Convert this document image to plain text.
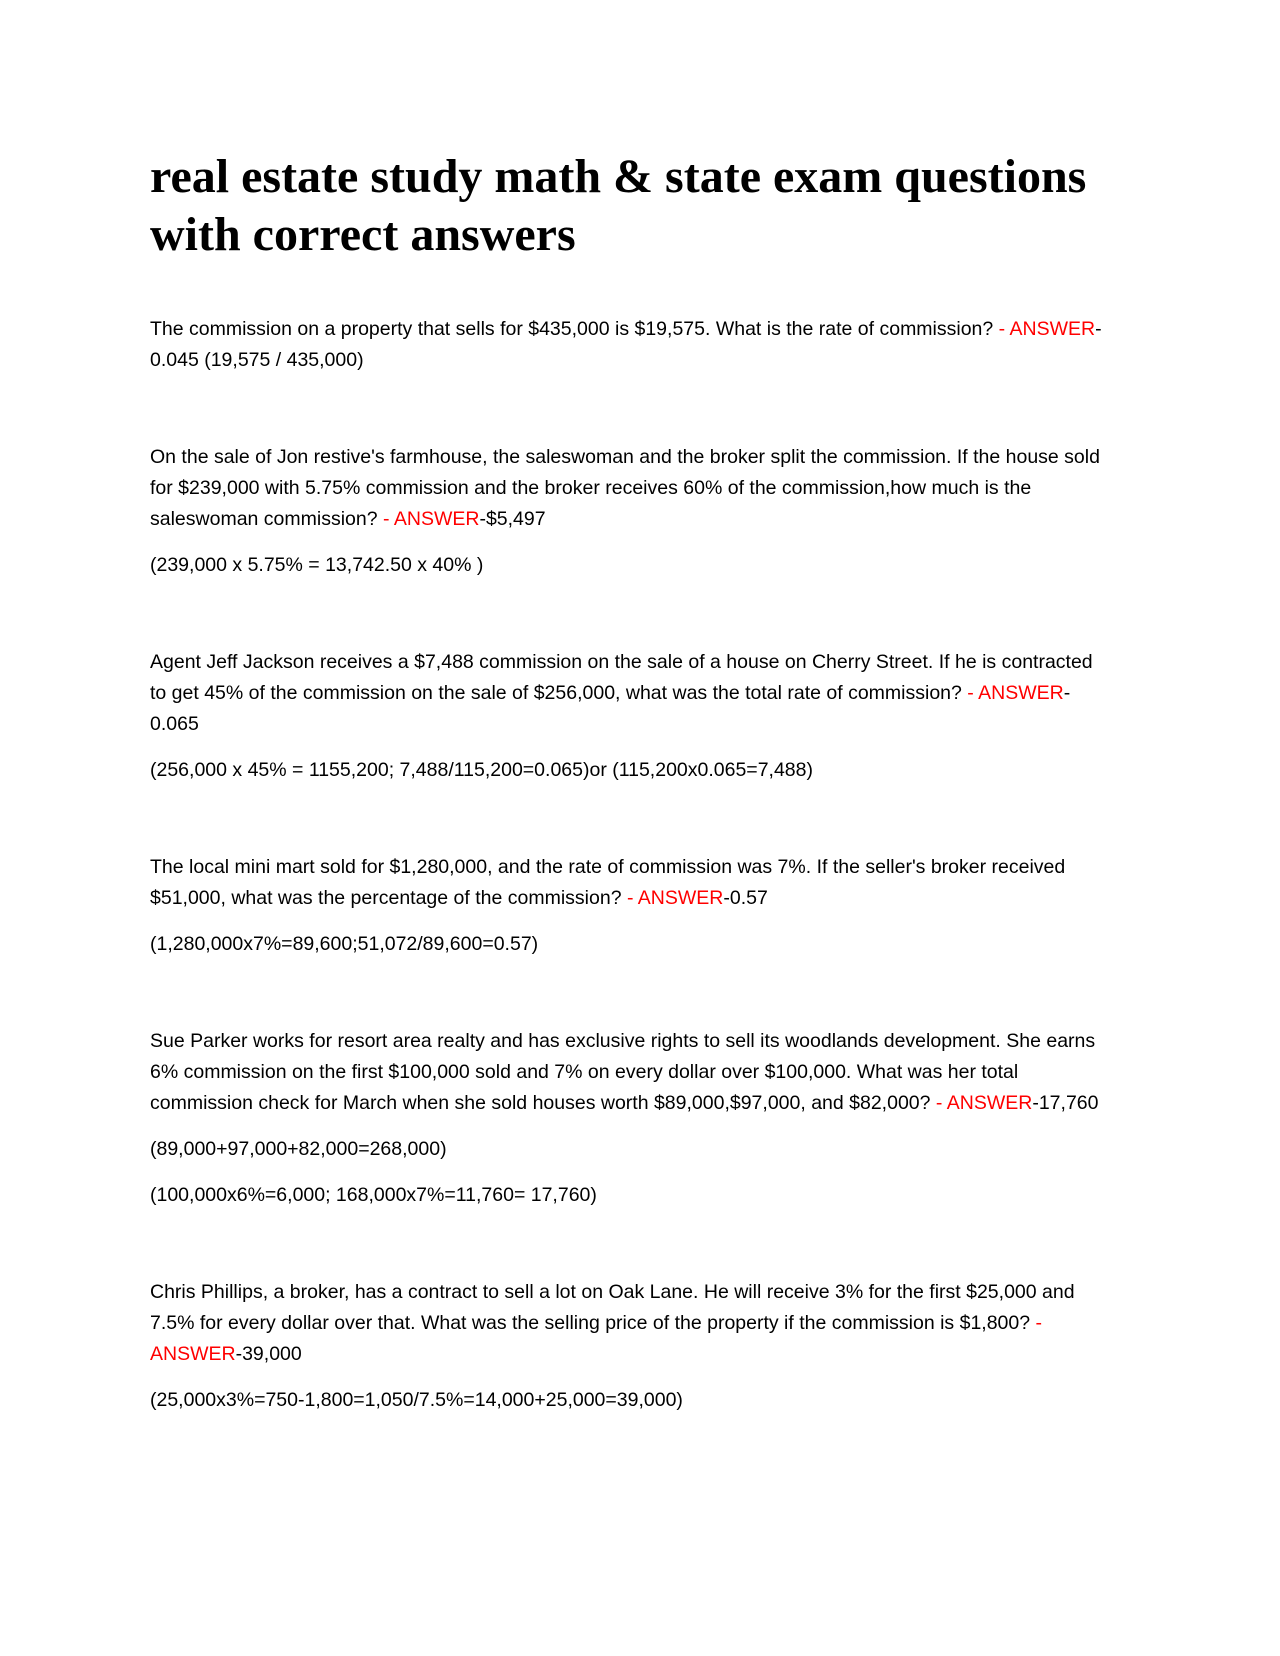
real estate study math & state exam questions with correct answers

The commission on a property that sells for $435,000 is $19,575. What is the rate of commission? - ANSWER-0.045 (19,575 / 435,000)

On the sale of Jon restive's farmhouse, the saleswoman and the broker split the commission. If the house sold for $239,000 with 5.75% commission and the broker receives 60% of the commission,how much is the saleswoman commission? - ANSWER-$5,497

(239,000 x 5.75% = 13,742.50 x 40% )

Agent Jeff Jackson receives a $7,488 commission on the sale of a house on Cherry Street. If he is contracted to get 45% of the commission on the sale of $256,000, what was the total rate of commission? - ANSWER-0.065

(256,000 x 45% = 1155,200; 7,488/115,200=0.065)or (115,200x0.065=7,488)

The local mini mart sold for $1,280,000, and the rate of commission was 7%. If the seller's broker received $51,000, what was the percentage of the commission? - ANSWER-0.57

(1,280,000x7%=89,600;51,072/89,600=0.57)

Sue Parker works for resort area realty and has exclusive rights to sell its woodlands development. She earns 6% commission on the first $100,000 sold and 7% on every dollar over $100,000. What was her total commission check for March when she sold houses worth $89,000,$97,000, and $82,000? - ANSWER-17,760

(89,000+97,000+82,000=268,000)

(100,000x6%=6,000; 168,000x7%=11,760= 17,760)

Chris Phillips, a broker, has a contract to sell a lot on Oak Lane. He will receive 3% for the first $25,000 and 7.5% for every dollar over that. What was the selling price of the property if the commission is $1,800? - ANSWER-39,000

(25,000x3%=750-1,800=1,050/7.5%=14,000+25,000=39,000)
